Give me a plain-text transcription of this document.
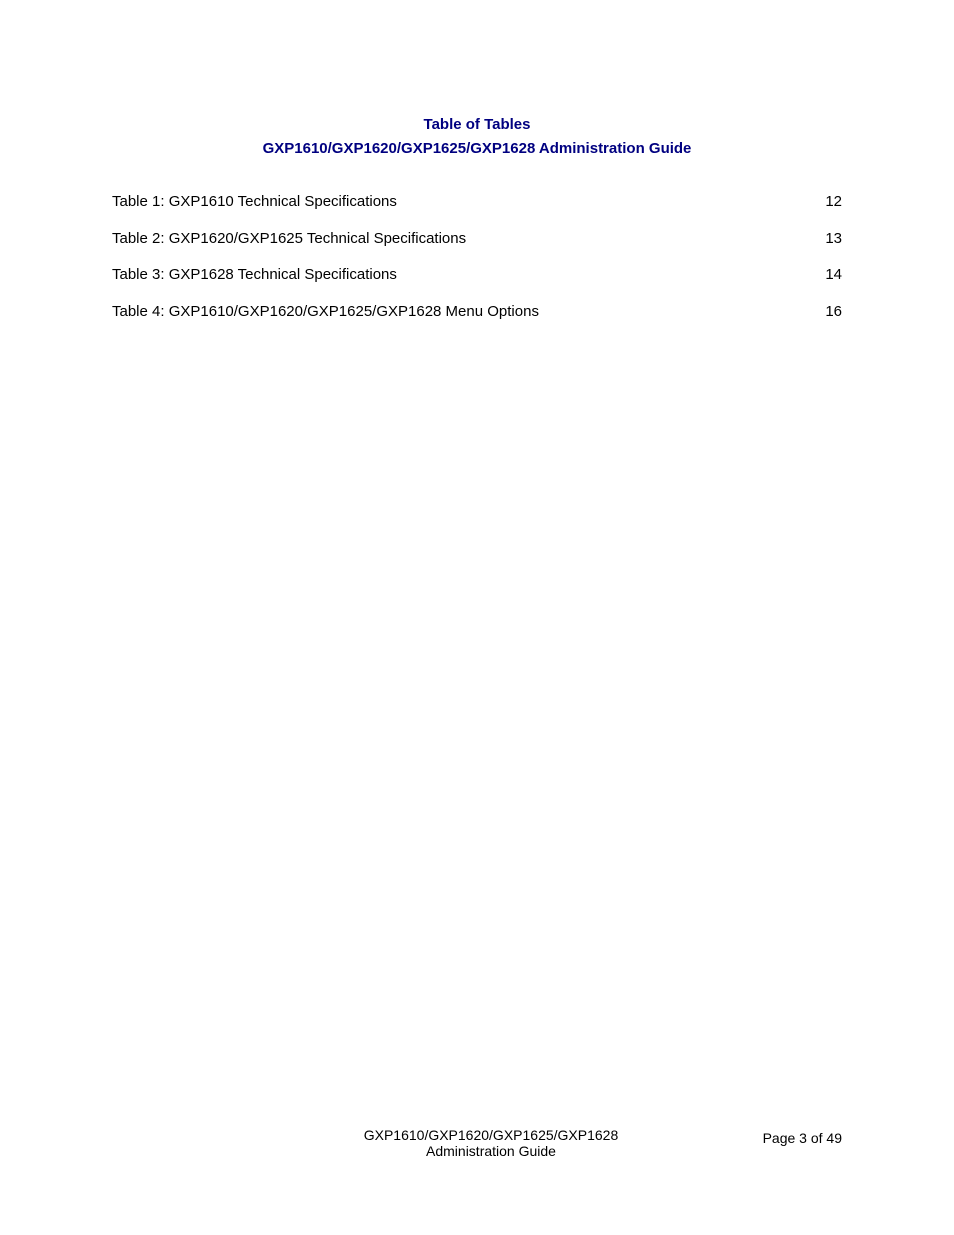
Table of Tables
GXP1610/GXP1620/GXP1625/GXP1628 Administration Guide
Table 1: GXP1610 Technical Specifications	12
Table 2: GXP1620/GXP1625 Technical Specifications	13
Table 3: GXP1628 Technical Specifications	14
Table 4: GXP1610/GXP1620/GXP1625/GXP1628 Menu Options	16
GXP1610/GXP1620/GXP1625/GXP1628
Administration Guide
Page 3 of 49
